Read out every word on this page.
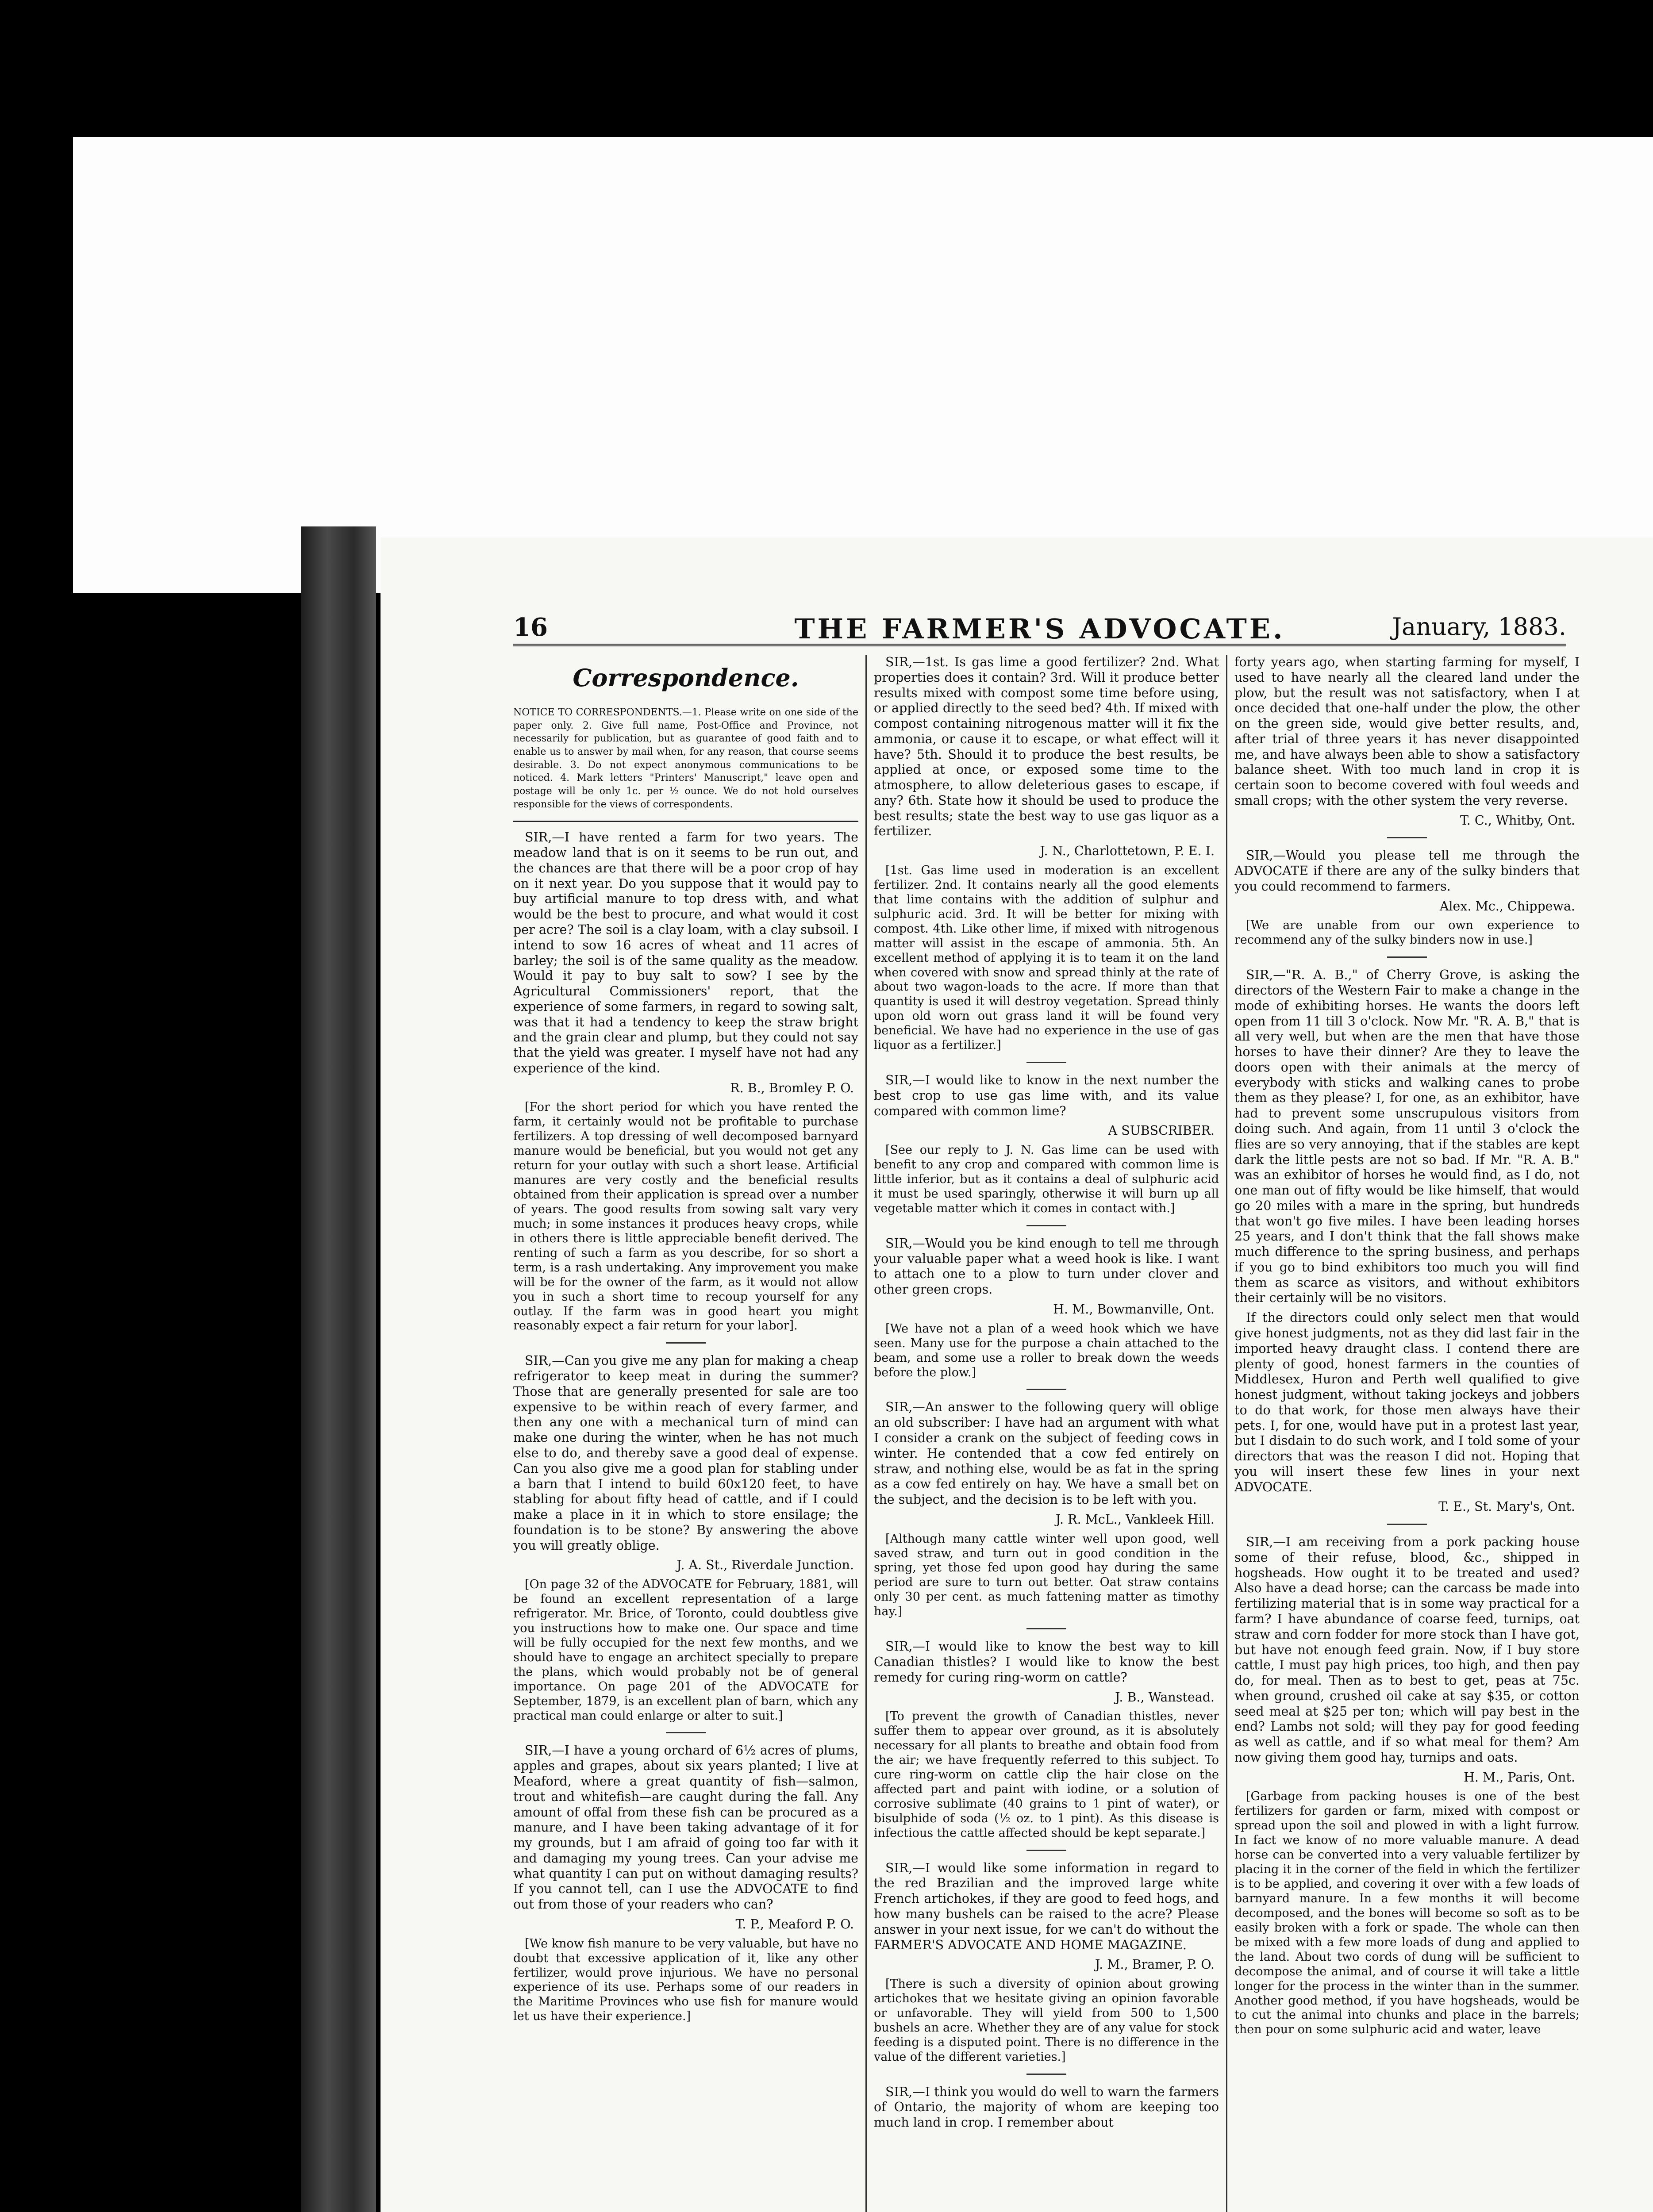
16	THE FARMER'S ADVOCATE.	January, 1883.
Correspondence.
NOTICE TO CORRESPONDENTS.—1. Please write on one side of the paper only. 2. Give full name, Post-Office and Province, not necessarily for publication, but as guarantee of good faith and to enable us to answer by mail when, for any reason, that course seems desirable. 3. Do not expect anonymous communications to be noticed. 4. Mark letters "Printers' Manuscript," leave open and postage will be only 1c. per ½ ounce. We do not hold ourselves responsible for the views of correspondents.

SIR,—I have rented a farm for two years. The meadow land that is on it seems to be run out, and the chances are that there will be a poor crop of hay on it next year. Do you suppose that it would pay to buy artificial manure to top dress with, and what would be the best to procure, and what would it cost per acre? The soil is a clay loam, with a clay subsoil. I intend to sow 16 acres of wheat and 11 acres of barley; the soil is of the same quality as the meadow. Would it pay to buy salt to sow? I see by the Agricultural Commissioners' report, that the experience of some farmers, in regard to sowing salt, was that it had a tendency to keep the straw bright and the grain clear and plump, but they could not say that the yield was greater. I myself have not had any experience of the kind.

R. B., Bromley P. O.

[For the short period for which you have rented the farm, it certainly would not be profitable to purchase fertilizers. A top dressing of well decomposed barnyard manure would be beneficial, but you would not get any return for your outlay with such a short lease. Artificial manures are very costly and the beneficial results obtained from their application is spread over a number of years. The good results from sowing salt vary very much; in some instances it produces heavy crops, while in others there is little appreciable benefit derived. The renting of such a farm as you describe, for so short a term, is a rash undertaking. Any improvement you make will be for the owner of the farm, as it would not allow you in such a short time to recoup yourself for any outlay. If the farm was in good heart you might reasonably expect a fair return for your labor].

SIR,—Can you give me any plan for making a cheap refrigerator to keep meat in during the summer? Those that are generally presented for sale are too expensive to be within reach of every farmer, and then any one with a mechanical turn of mind can make one during the winter, when he has not much else to do, and thereby save a good deal of expense. Can you also give me a good plan for stabling under a barn that I intend to build 60x120 feet, to have stabling for about fifty head of cattle, and if I could make a place in it in which to store ensilage; the foundation is to be stone? By answering the above you will greatly oblige.

J. A. St., Riverdale Junction.

[On page 32 of the ADVOCATE for February, 1881, will be found an excellent representation of a large refrigerator. Mr. Brice, of Toronto, could doubtless give you instructions how to make one. Our space and time will be fully occupied for the next few months, and we should have to engage an architect specially to prepare the plans, which would probably not be of general importance. On page 201 of the ADVOCATE for September, 1879, is an excellent plan of barn, which any practical man could enlarge or alter to suit.]

SIR,—I have a young orchard of 6½ acres of plums, apples and grapes, about six years planted; I live at Meaford, where a great quantity of fish—salmon, trout and whitefish—are caught during the fall. Any amount of offal from these fish can be procured as a manure, and I have been taking advantage of it for my grounds, but I am afraid of going too far with it and damaging my young trees. Can your advise me what quantity I can put on without damaging results? If you cannot tell, can I use the ADVOCATE to find out from those of your readers who can?

T. P., Meaford P. O.

[We know fish manure to be very valuable, but have no doubt that excessive application of it, like any other fertilizer, would prove injurious. We have no personal experience of its use. Perhaps some of our readers in the Maritime Provinces who use fish for manure would let us have their experience.]

SIR,—1st. Is gas lime a good fertilizer? 2nd. What properties does it contain? 3rd. Will it produce better results mixed with compost some time before using, or applied directly to the seed bed? 4th. If mixed with compost containing nitrogenous matter will it fix the ammonia, or cause it to escape, or what effect will it have? 5th. Should it to produce the best results, be applied at once, or exposed some time to the atmosphere, to allow deleterious gases to escape, if any? 6th. State how it should be used to produce the best results; state the best way to use gas liquor as a fertilizer.

J. N., Charlottetown, P. E. I.

[1st. Gas lime used in moderation is an excellent fertilizer. 2nd. It contains nearly all the good elements that lime contains with the addition of sulphur and sulphuric acid. 3rd. It will be better for mixing with compost. 4th. Like other lime, if mixed with nitrogenous matter will assist in the escape of ammonia. 5th. An excellent method of applying it is to team it on the land when covered with snow and spread thinly at the rate of about two wagon-loads to the acre. If more than that quantity is used it will destroy vegetation. Spread thinly upon old worn out grass land it will be found very beneficial. We have had no experience in the use of gas liquor as a fertilizer.]

SIR,—I would like to know in the next number the best crop to use gas lime with, and its value compared with common lime?

A SUBSCRIBER.

[See our reply to J. N. Gas lime can be used with benefit to any crop and compared with common lime is little inferior, but as it contains a deal of sulphuric acid it must be used sparingly, otherwise it will burn up all vegetable matter which it comes in contact with.]

SIR,—Would you be kind enough to tell me through your valuable paper what a weed hook is like. I want to attach one to a plow to turn under clover and other green crops.

H. M., Bowmanville, Ont.

[We have not a plan of a weed hook which we have seen. Many use for the purpose a chain attached to the beam, and some use a roller to break down the weeds before the plow.]

SIR,—An answer to the following query will oblige an old subscriber: I have had an argument with what I consider a crank on the subject of feeding cows in winter. He contended that a cow fed entirely on straw, and nothing else, would be as fat in the spring as a cow fed entirely on hay. We have a small bet on the subject, and the decision is to be left with you.

J. R. McL., Vankleek Hill.

[Although many cattle winter well upon good, well saved straw, and turn out in good condition in the spring, yet those fed upon good hay during the same period are sure to turn out better. Oat straw contains only 30 per cent. as much fattening matter as timothy hay.]

SIR,—I would like to know the best way to kill Canadian thistles? I would like to know the best remedy for curing ring-worm on cattle?

J. B., Wanstead.

[To prevent the growth of Canadian thistles, never suffer them to appear over ground, as it is absolutely necessary for all plants to breathe and obtain food from the air; we have frequently referred to this subject. To cure ring-worm on cattle clip the hair close on the affected part and paint with iodine, or a solution of corrosive sublimate (40 grains to 1 pint of water), or bisulphide of soda (½ oz. to 1 pint). As this disease is infectious the cattle affected should be kept separate.]

SIR,—I would like some information in regard to the red Brazilian and the improved large white French artichokes, if they are good to feed hogs, and how many bushels can be raised to the acre? Please answer in your next issue, for we can't do without the FARMER'S ADVOCATE AND HOME MAGAZINE.

J. M., Bramer, P. O.

[There is such a diversity of opinion about growing artichokes that we hesitate giving an opinion favorable or unfavorable. They will yield from 500 to 1,500 bushels an acre. Whether they are of any value for stock feeding is a disputed point. There is no difference in the value of the different varieties.]

SIR,—I think you would do well to warn the farmers of Ontario, the majority of whom are keeping too much land in crop. I remember about

forty years ago, when starting farming for myself, I used to have nearly all the cleared land under the plow, but the result was not satisfactory, when I at once decided that one-half under the plow, the other on the green side, would give better results, and, after trial of three years it has never disappointed me, and have always been able to show a satisfactory balance sheet. With too much land in crop it is certain soon to become covered with foul weeds and small crops; with the other system the very reverse.

T. C., Whitby, Ont.

SIR,—Would you please tell me through the ADVOCATE if there are any of the sulky binders that you could recommend to farmers.

Alex. Mc., Chippewa.

[We are unable from our own experience to recommend any of the sulky binders now in use.]

SIR,—"R. A. B.," of Cherry Grove, is asking the directors of the Western Fair to make a change in the mode of exhibiting horses. He wants the doors left open from 11 till 3 o'clock. Now Mr. "R. A. B," that is all very well, but when are the men that have those horses to have their dinner? Are they to leave the doors open with their animals at the mercy of everybody with sticks and walking canes to probe them as they please? I, for one, as an exhibitor, have had to prevent some unscrupulous visitors from doing such. And again, from 11 until 3 o'clock the flies are so very annoying, that if the stables are kept dark the little pests are not so bad. If Mr. "R. A. B." was an exhibitor of horses he would find, as I do, not one man out of fifty would be like himself, that would go 20 miles with a mare in the spring, but hundreds that won't go five miles. I have been leading horses 25 years, and I don't think that the fall shows make much difference to the spring business, and perhaps if you go to bind exhibitors too much you will find them as scarce as visitors, and without exhibitors their certainly will be no visitors.

If the directors could only select men that would give honest judgments, not as they did last fair in the imported heavy draught class. I contend there are plenty of good, honest farmers in the counties of Middlesex, Huron and Perth well qualified to give honest judgment, without taking jockeys and jobbers to do that work, for those men always have their pets. I, for one, would have put in a protest last year, but I disdain to do such work, and I told some of your directors that was the reason I did not. Hoping that you will insert these few lines in your next ADVOCATE.

T. E., St. Mary's, Ont.

SIR,—I am receiving from a pork packing house some of their refuse, blood, &c., shipped in hogsheads. How ought it to be treated and used? Also have a dead horse; can the carcass be made into fertilizing material that is in some way practical for a farm? I have abundance of coarse feed, turnips, oat straw and corn fodder for more stock than I have got, but have not enough feed grain. Now, if I buy store cattle, I must pay high prices, too high, and then pay do, for meal. Then as to best to get, peas at 75c. when ground, crushed oil cake at say $35, or cotton seed meal at $25 per ton; which will pay best in the end? Lambs not sold; will they pay for good feeding as well as cattle, and if so what meal for them? Am now giving them good hay, turnips and oats.

H. M., Paris, Ont.

[Garbage from packing houses is one of the best fertilizers for garden or farm, mixed with compost or spread upon the soil and plowed in with a light furrow. In fact we know of no more valuable manure. A dead horse can be converted into a very valuable fertilizer by placing it in the corner of the field in which the fertilizer is to be applied, and covering it over with a few loads of barnyard manure. In a few months it will become decomposed, and the bones will become so soft as to be easily broken with a fork or spade. The whole can then be mixed with a few more loads of dung and applied to the land. About two cords of dung will be sufficient to decompose the animal, and of course it will take a little longer for the process in the winter than in the summer. Another good method, if you have hogsheads, would be to cut the animal into chunks and place in the barrels; then pour on some sulphuric acid and water, leave
